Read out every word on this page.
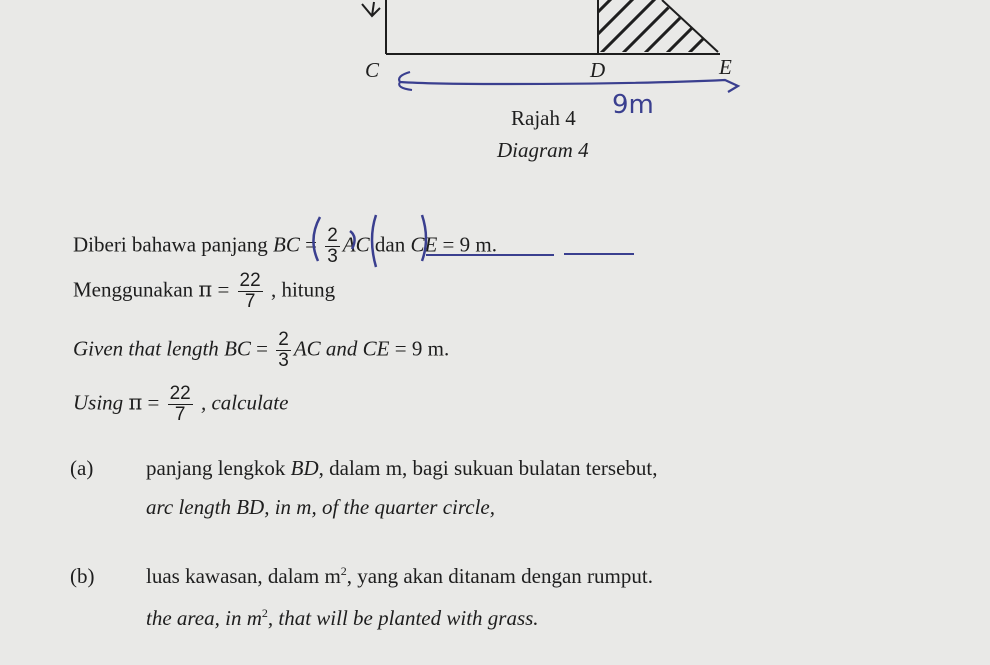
C	D	E
Rajah 4 9m
Diagram 4
Diberi bahawa panjang BC = $\frac{2}{3}$ AC dan CE = 9 m.
Menggunakan $\pi = \frac{22}{7}$ , hitung
Given that length BC = $\frac{2}{3}$ AC and CE = 9 m.
Using $\pi = \frac{22}{7}$ , calculate
(a)	panjang lengkok BD, dalam m, bagi sukuan bulatan tersebut,
arc length BD, in m, of the quarter circle,
(b) luas kawasan, dalam $m^2$, yang akan ditanam dengan rumput.
the area, in $m^2$, that will be planted with grass.
